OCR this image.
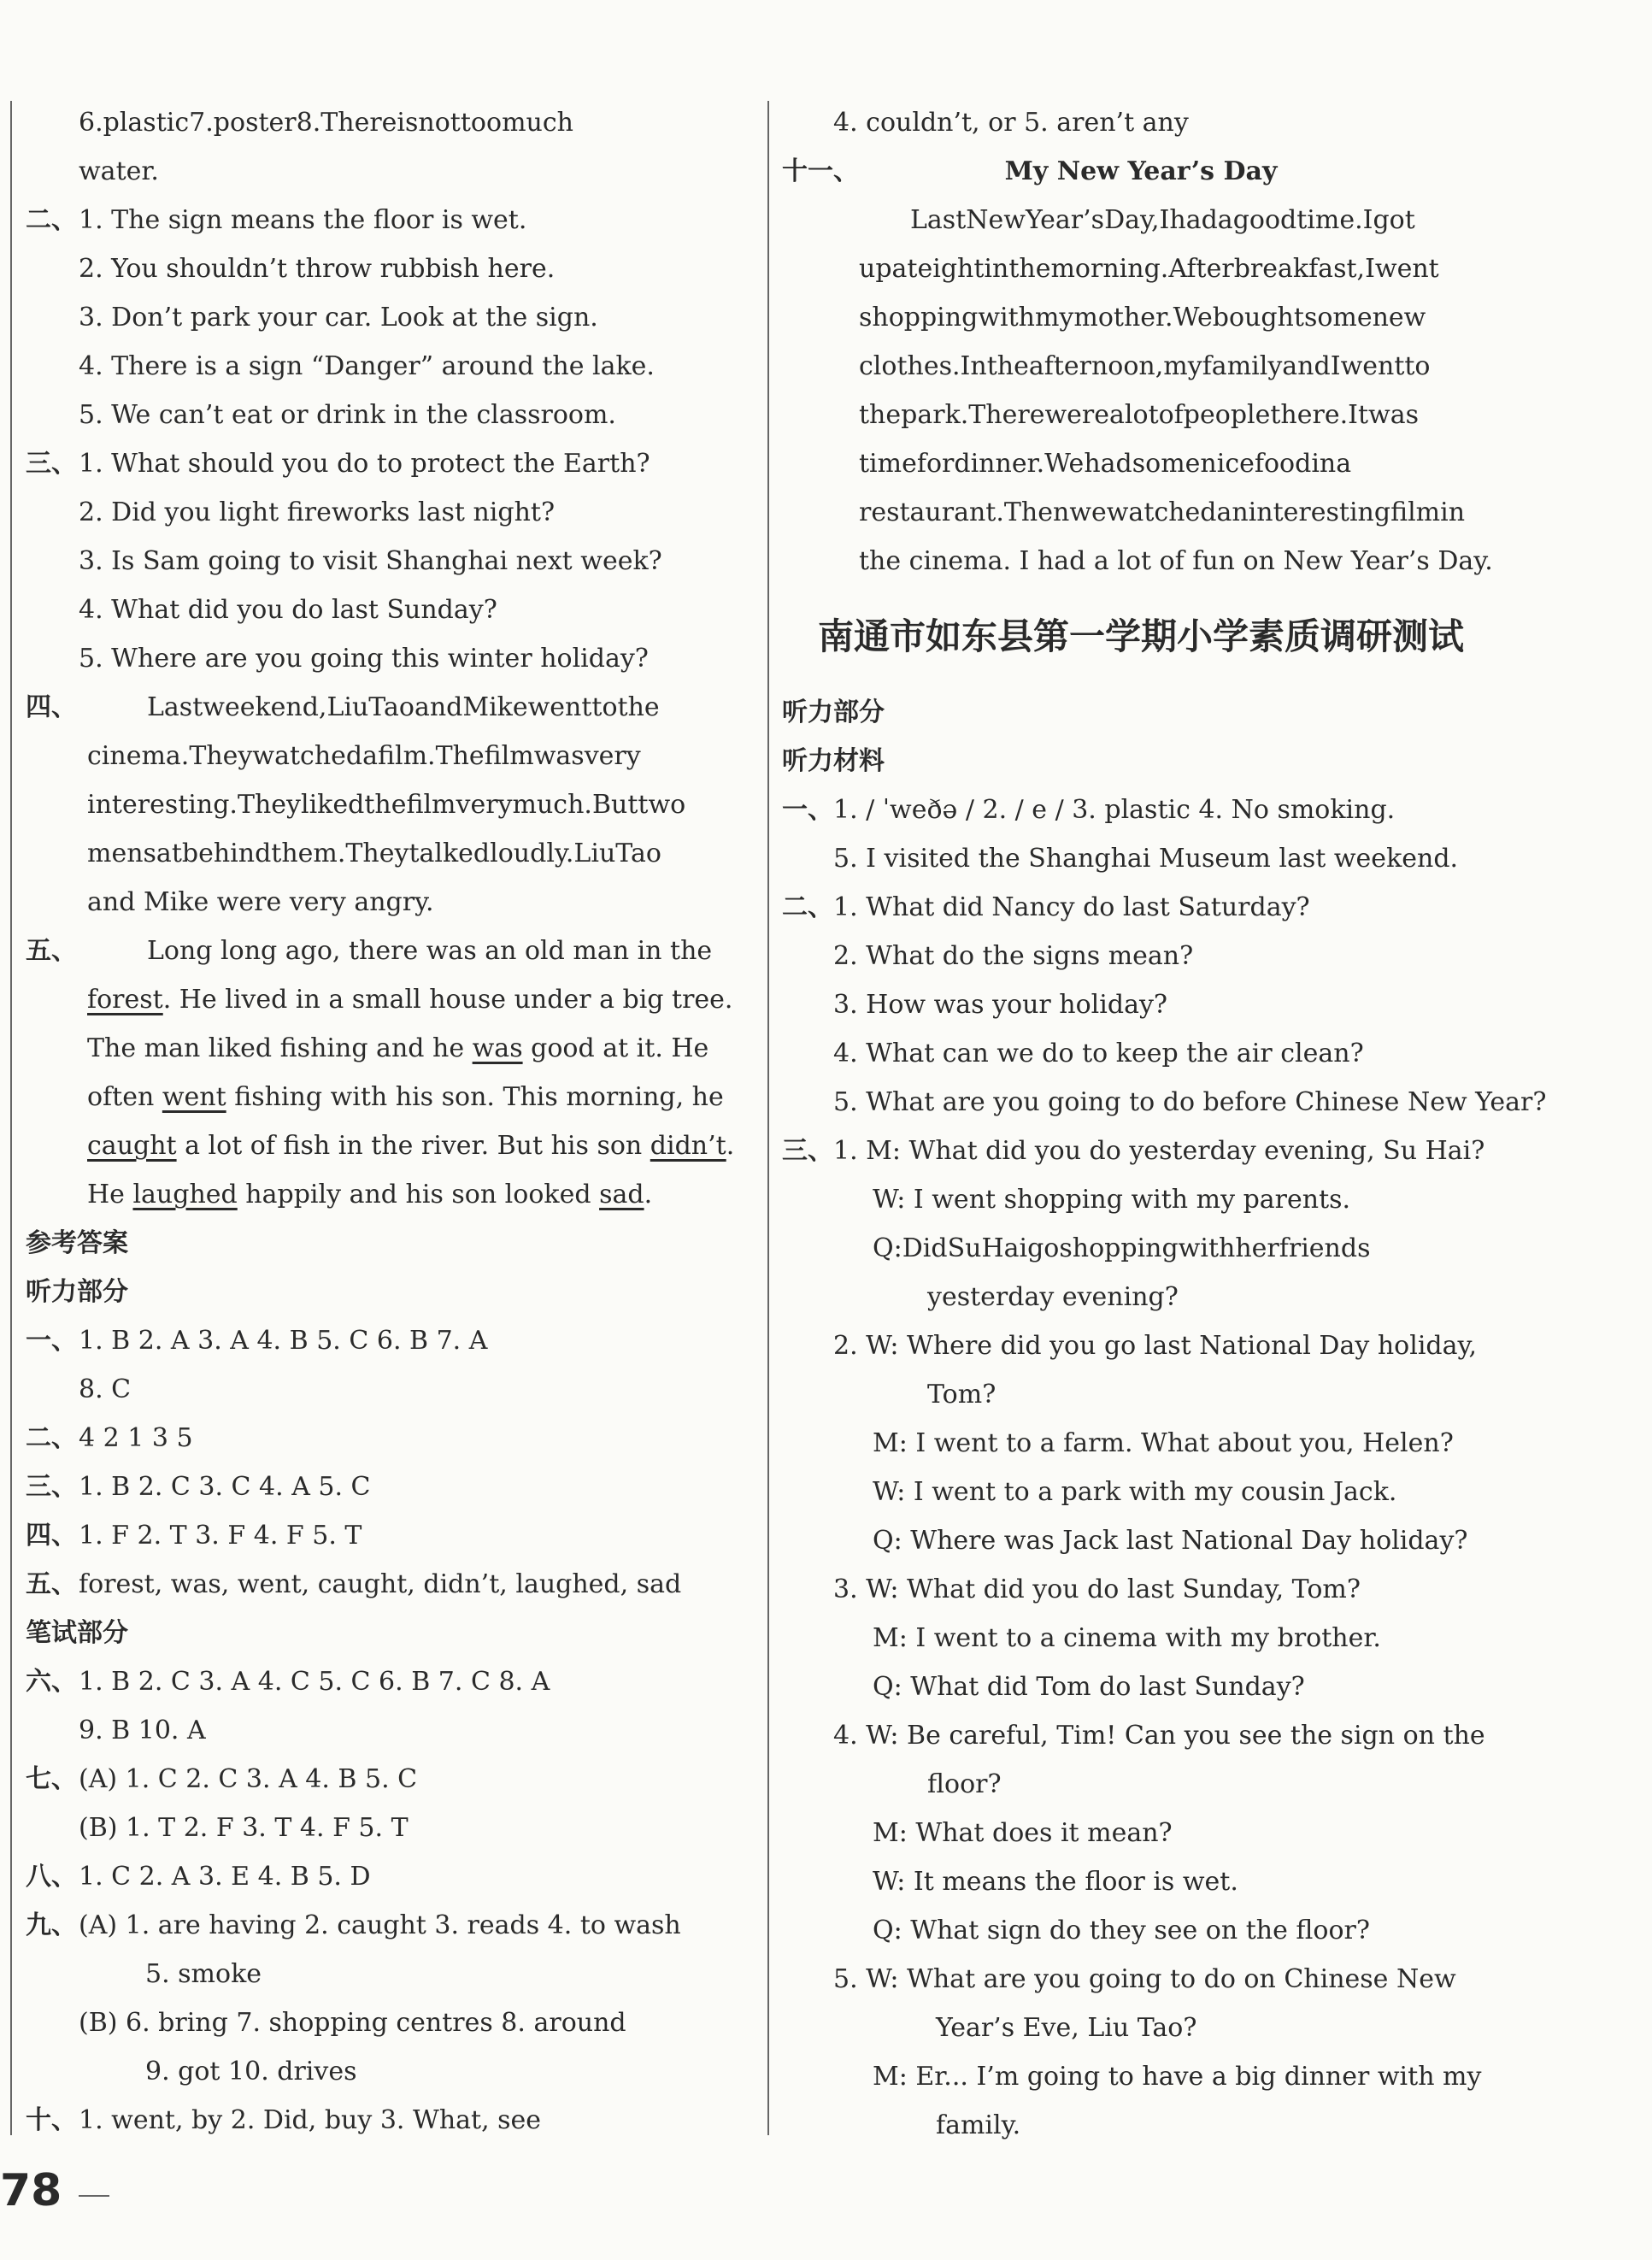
6.plastic7.poster8.Thereisnottoomuch
water.
二、 1. The sign means the floor is wet.
2. You shouldn’t throw rubbish here.
3. Don’t park your car. Look at the sign.
4. There is a sign “Danger” around the lake.
5. We can’t eat or drink in the classroom.
三、 1. What should you do to protect the Earth?
2. Did you light fireworks last night?
3. Is Sam going to visit Shanghai next week?
4. What did you do last Sunday?
5. Where are you going this winter holiday?
四、	Lastweekend,LiuTaoandMikewenttothe
cinema.Theywatchedafilm.Thefilmwasvery
interesting.Theylikedthefilmverymuch.Buttwo
mensatbehindthem.Theytalkedloudly.LiuTao
and Mike were very angry.
五、	Long long ago, there was an old man in the
forest. He lived in a small house under a big tree.
The man liked fishing and he was good at it. He
often went fishing with his son. This morning, he
caught a lot of fish in the river. But his son didn’t.
He laughed happily and his son looked sad.
参考答案
听力部分
一、 1. B 2. A 3. A 4. B 5. C 6. B 7. A
8. C
二、 4 2 1 3 5
三、 1. B 2. C 3. C 4. A 5. C
四、 1. F 2. T 3. F 4. F 5. T
五、 forest, was, went, caught, didn’t, laughed, sad
笔试部分
六、 1. B 2. C 3. A 4. C 5. C 6. B 7. C 8. A
9. B 10. A
七、 (A) 1. C 2. C 3. A 4. B 5. C
(B) 1. T 2. F 3. T 4. F 5. T
八、 1. C 2. A 3. E 4. B 5. D
九、 (A) 1. are having 2. caught 3. reads 4. to wash
5. smoke
(B) 6. bring 7. shopping centres 8. around
9. got 10. drives
十、 1. went, by 2. Did, buy 3. What, see
4. couldn’t, or 5. aren’t any
十一、	My New Year’s Day
LastNewYear’sDay,Ihadagoodtime.Igot
upateightinthemorning.Afterbreakfast,Iwent
shoppingwithmymother.Weboughtsomenew
clothes.Intheafternoon,myfamilyandIwentto
thepark.Therewerealotofpeoplethere.Itwas
timefordinner.Wehadsomenicefoodina
restaurant.Thenwewatchedaninterestingfilmin
the cinema. I had a lot of fun on New Year’s Day.
南通市如东县第一学期小学素质调研测试
听力部分
听力材料
一、 1. / ˈweðə / 2. / e / 3. plastic 4. No smoking.
5. I visited the Shanghai Museum last weekend.
二、 1. What did Nancy do last Saturday?
2. What do the signs mean?
3. How was your holiday?
4. What can we do to keep the air clean?
5. What are you going to do before Chinese New Year?
三、 1. M: What did you do yesterday evening, Su Hai?
W: I went shopping with my parents.
Q:DidSuHaigoshoppingwithherfriends
yesterday evening?
2. W: Where did you go last National Day holiday,
Tom?
M: I went to a farm. What about you, Helen?
W: I went to a park with my cousin Jack.
Q: Where was Jack last National Day holiday?
3. W: What did you do last Sunday, Tom?
M: I went to a cinema with my brother.
Q: What did Tom do last Sunday?
4. W: Be careful, Tim! Can you see the sign on the
floor?
M: What does it mean?
W: It means the floor is wet.
Q: What sign do they see on the floor?
5. W: What are you going to do on Chinese New
Year’s Eve, Liu Tao?
M: Er... I’m going to have a big dinner with my
family.
78
